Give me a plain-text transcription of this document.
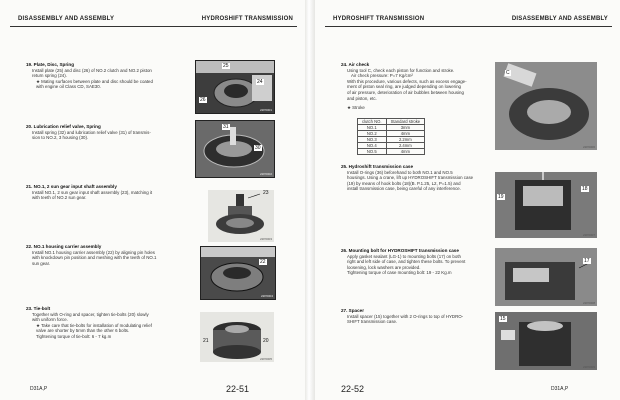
DISASSEMBLY AND ASSEMBLY	HYDROSHIFT TRANSMISSION
19. Plate, Disc, Spring
Install plate (25) and disc (26) of NO.2 clutch and NO.2 piston
return spring (24).
★ Mating surfaces between plate and disc should be coated
with engine oil Class CD, SAE30.
25
24
26
22P0001
20. Lubrication relief valve, Spring
Install spring (32) and lubrication relief valve (31) of transmis-
sion to NO.2, 3 housing (30).
31
30
22P0002
21. NO.1, 2 sun gear input shaft assembly
Install NO.1, 2 sun gear input shaft assembly (23), matching it
with teeth of NO.2 sun gear.
23
22P0003
22. NO.1 housing carrier assembly
Install NO.1 housing carrier assembly (22) by aligning pin holes
with knockdown pin position and meshing with the teeth of NO.1
sun gear.	22
22P0004
23. Tie-bolt
Together with O-ring and spacer, tighten tie-bolts (20) slowly
with uniform force.
★ Take care that tie-bolts for installation of modulating relief
valve are shorter by 5mm than the other 6 bolts.
Tightening torque of tie-bolt: 6 - 7 kg.m
21	20
22P0005
D31A,P	22-51
HYDROSHIFT TRANSMISSION	DISASSEMBLY AND ASSEMBLY
24. Air check
Using tool C, check each piston for function and stroke.
Air check pressure: P=7 Kg/cm²
With this procedure, various defects, such as excess engage-
ment of piston seal ring, are judged depending on lowering
of air pressure, deterioration of air bubbles between housing
and piston, etc.
★ Stroke
clutch NO.	Standard stroke
NO.1	3mm
NO.2	4mm
NO.3	2.2mm
NO.4	2.4mm
NO.5	4mm
C
22P0006
25. Hydroshift transmission case
Install O-rings (36) beforehand to both NO.1 and NO.5
housings. Using a crane, lift up HYDROSHIFT transmission case
(19) by means of hook bolts (18)(B. P.1.25, L2, P=1.5) and
install transmission case, being careful of any interference.
19
18
22P0007
26. Mounting bolt for HYDROSHIFT transmission case
Apply gasket sealant (LG-1) to mounting bolts (17) on both
right and left side of case, and tighten these bolts. To prevent
loosening, lock washers are provided.
Tightening torque of case mounting bolt: 19 - 22 Kg.m
17
22P0008
27. Spacer
Install spacer (15) together with 2 O-rings to top of HYDRO-
SHIFT transmission case.	15
22P0009
22-52	D31A,P
